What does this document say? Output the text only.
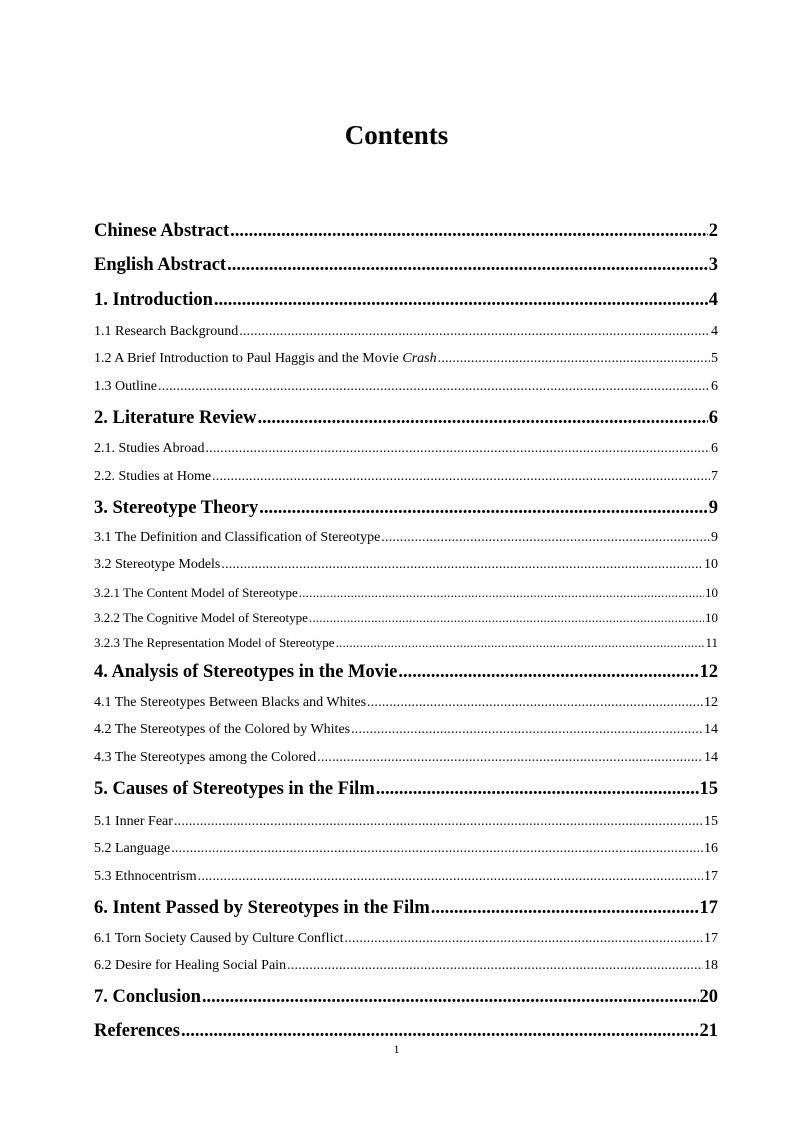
Contents
Chinese Abstract .....	2
English Abstract .....	3
1. Introduction .....	4
1.1 Research Background .....	4
1.2 A Brief Introduction to Paul Haggis and the Movie Crash .....	5
1.3 Outline .....	6
2. Literature Review .....	6
2.1. Studies Abroad .....	6
2.2. Studies at Home .....	7
3. Stereotype Theory .....	9
3.1 The Definition and Classification of Stereotype .....	9
3.2 Stereotype Models .....	10
3.2.1 The Content Model of Stereotype .....	10
3.2.2 The Cognitive Model of Stereotype .....	10
3.2.3 The Representation Model of Stereotype .....	11
4. Analysis of Stereotypes in the Movie .....	12
4.1 The Stereotypes Between Blacks and Whites .....	12
4.2 The Stereotypes of the Colored by Whites .....	14
4.3 The Stereotypes among the Colored .....	14
5. Causes of Stereotypes in the Film .....	15
5.1 Inner Fear .....	15
5.2 Language .....	16
5.3 Ethnocentrism .....	17
6. Intent Passed by Stereotypes in the Film .....	17
6.1 Torn Society Caused by Culture Conflict .....	17
6.2 Desire for Healing Social Pain .....	18
7. Conclusion .....	20
References .....	21
1
